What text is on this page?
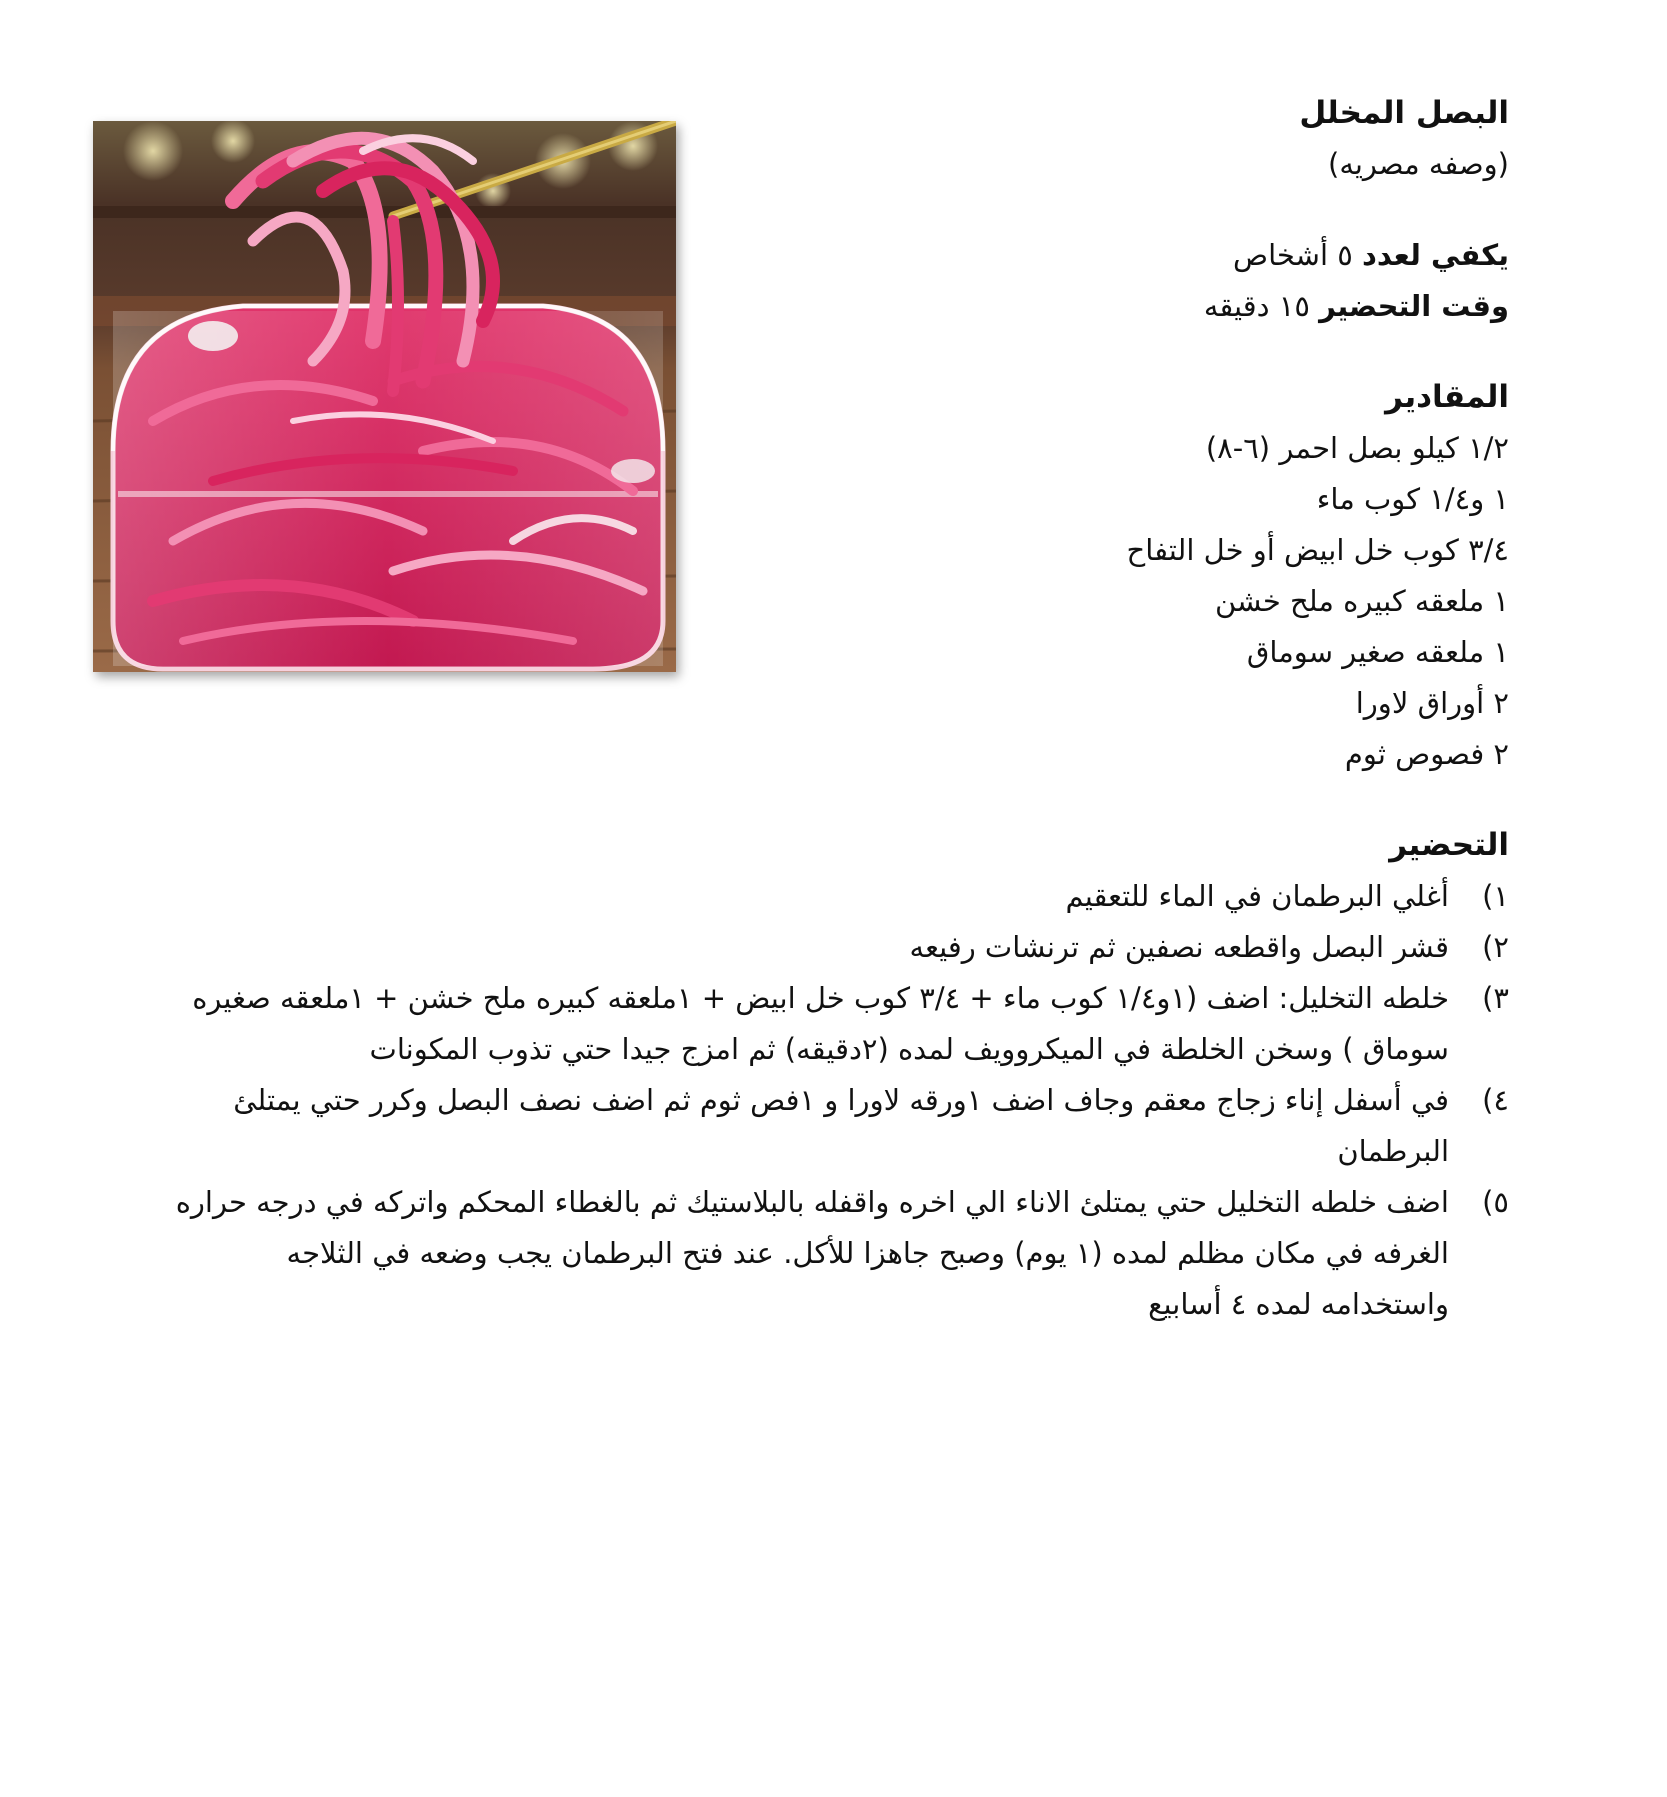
البصل المخلل
(وصفه مصريه)
يكفي لعدد ٥ أشخاص
وقت التحضير ١٥ دقيقه
المقادير
١/٢ كيلو بصل احمر (٦-٨)
١ و١/٤ كوب ماء
٣/٤ كوب خل ابيض أو خل التفاح
١ ملعقه كبيره ملح خشن
١ ملعقه صغير سوماق
٢ أوراق لاورا
٢ فصوص ثوم
التحضير
١)
أغلي البرطمان في الماء للتعقيم
٢)
قشر البصل واقطعه نصفين ثم ترنشات رفيعه
٣)
خلطه التخليل: اضف (١و١/٤ كوب ماء + ٣/٤ كوب خل ابيض + ١ملعقه كبيره ملح خشن + ١ملعقه صغيره سوماق ) وسخن الخلطة في الميكروويف لمده (٢دقيقه) ثم امزج جيدا حتي تذوب المكونات
٤)
في أسفل إناء زجاج معقم وجاف اضف ١ورقه لاورا و ١فص ثوم ثم اضف نصف البصل وكرر حتي يمتلئ البرطمان
٥)
اضف خلطه التخليل حتي يمتلئ الاناء الي اخره واقفله بالبلاستيك ثم بالغطاء المحكم واتركه في درجه حراره الغرفه في مكان مظلم لمده (١ يوم) وصبح جاهزا للأكل. عند فتح البرطمان يجب وضعه في الثلاجه واستخدامه لمده ٤ أسابيع
